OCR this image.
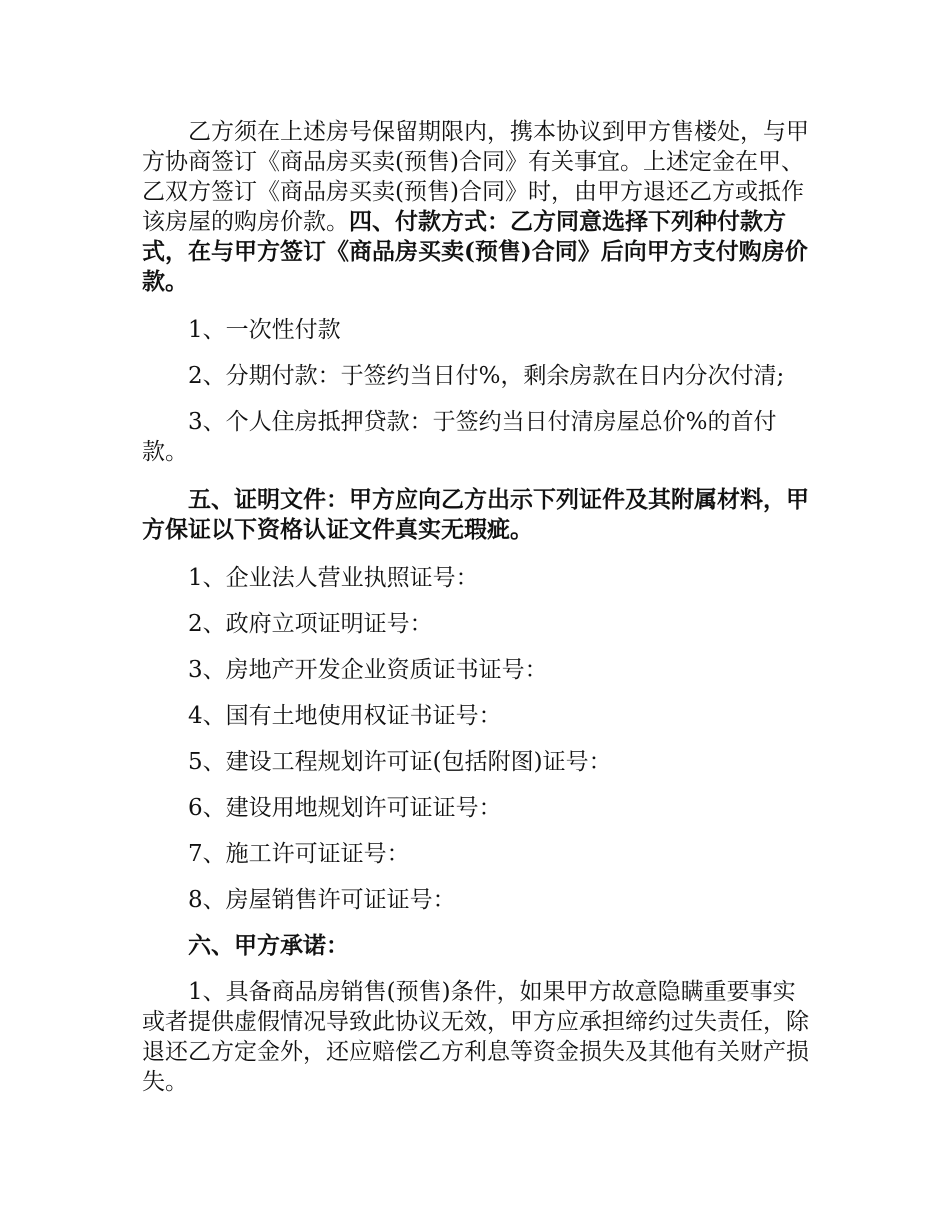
乙方须在上述房号保留期限内，携本协议到甲方售楼处，与甲方协商签订《商品房买卖(预售)合同》有关事宜。上述定金在甲、乙双方签订《商品房买卖(预售)合同》时，由甲方退还乙方或抵作该房屋的购房价款。四、付款方式：乙方同意选择下列种付款方式，在与甲方签订《商品房买卖(预售)合同》后向甲方支付购房价款。

1、一次性付款

2、分期付款：于签约当日付%，剩余房款在日内分次付清;

3、个人住房抵押贷款：于签约当日付清房屋总价%的首付款。

五、证明文件：甲方应向乙方出示下列证件及其附属材料，甲方保证以下资格认证文件真实无瑕疵。

1、企业法人营业执照证号：

2、政府立项证明证号：

3、房地产开发企业资质证书证号：

4、国有土地使用权证书证号：

5、建设工程规划许可证(包括附图)证号：

6、建设用地规划许可证证号：

7、施工许可证证号：

8、房屋销售许可证证号：

六、甲方承诺：

1、具备商品房销售(预售)条件，如果甲方故意隐瞒重要事实或者提供虚假情况导致此协议无效，甲方应承担缔约过失责任，除退还乙方定金外，还应赔偿乙方利息等资金损失及其他有关财产损失。
